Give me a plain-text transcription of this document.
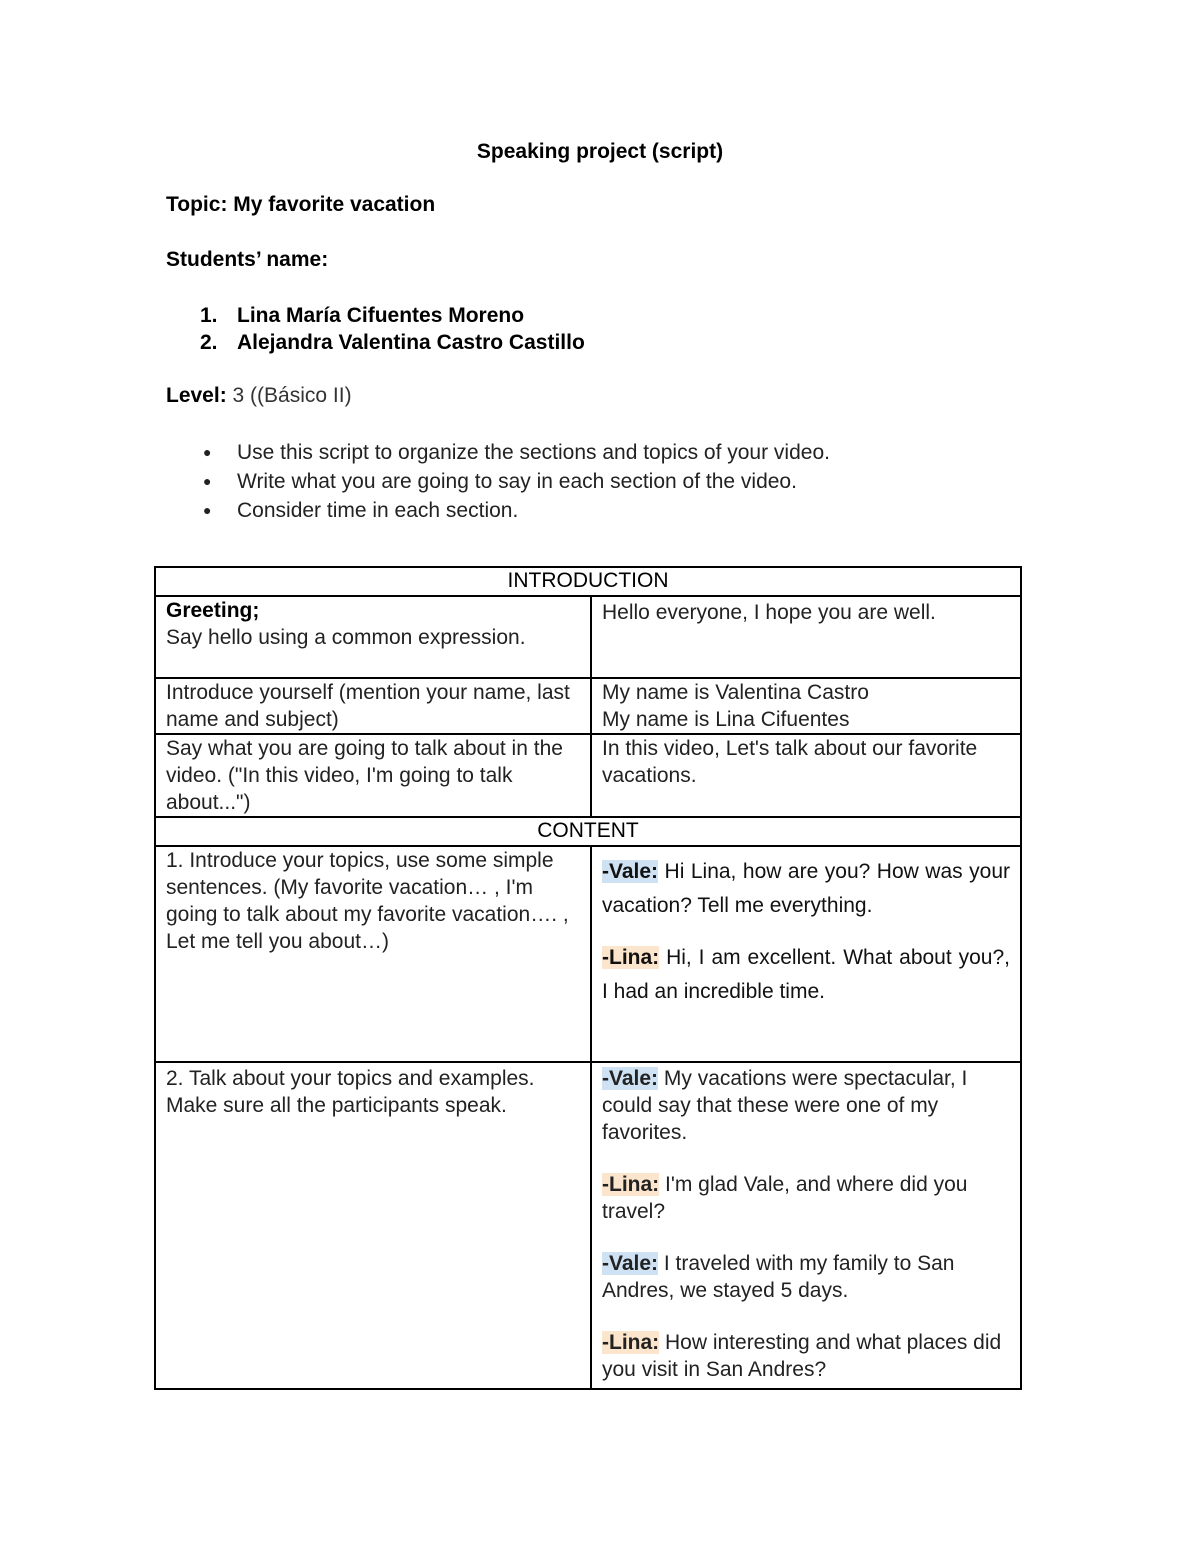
Speaking project (script)
Topic: My favorite vacation
Students’ name:
1. Lina María Cifuentes Moreno
2. Alejandra Valentina Castro Castillo
Level: 3 ((Básico II)
● Use this script to organize the sections and topics of your video.
● Write what you are going to say in each section of the video.
● Consider time in each section.
INTRODUCTION	

Greeting;
Say hello using a common expression.	Hello everyone, I hope you are well.

Introduce yourself (mention your name, last name and subject)	My name is Valentina Castro
My name is Lina Cifuentes

Say what you are going to talk about in the video. ("In this video, I'm going to talk about...")	In this video, Let's talk about our favorite vacations.
CONTENT	
1. Introduce your topics, use some simple sentences. (My favorite vacation… , I'm going to talk about my favorite vacation…. , Let me tell you about…)	-Vale: Hi Lina, how are you? How was your vacation? Tell me everything.

-Lina: Hi, I am excellent. What about you?, I had an incredible time.

2. Talk about your topics and examples. Make sure all the participants speak.	-Vale: My vacations were spectacular, I could say that these were one of my favorites.

-Lina: I'm glad Vale, and where did you travel?

-Vale: I traveled with my family to San Andres, we stayed 5 days.

-Lina: How interesting and what places did you visit in San Andres?
